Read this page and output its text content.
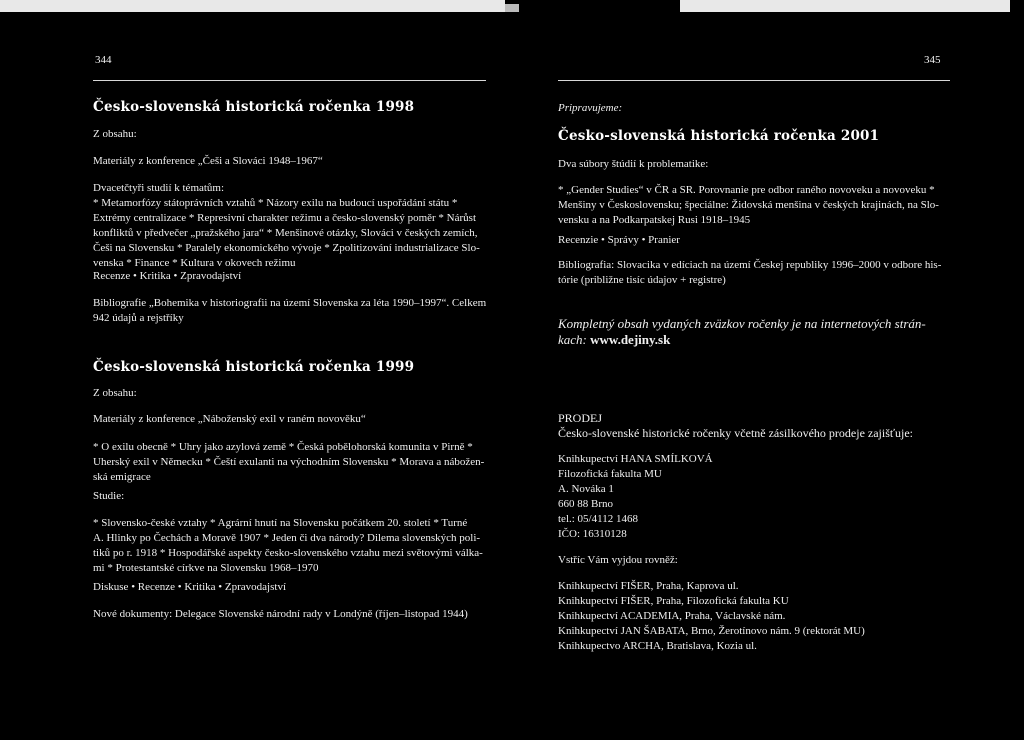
344
Česko-slovenská historická ročenka 1998
Z obsahu:
Materiály z konference „Češi a Slováci 1948–1967“
Dvacetčtyři studií k tématům:
* Metamorfózy státoprávních vztahů * Názory exilu na budoucí uspořádání státu *
Extrémy centralizace * Represivní charakter režimu a česko-slovenský poměr * Nárůst
konfliktů v předvečer „pražského jara“ * Menšinové otázky, Slováci v českých zemích,
Češi na Slovensku * Paralely ekonomického vývoje * Zpolitizování industrializace Slo-
venska * Finance * Kultura v okovech režimu
Recenze • Kritika • Zpravodajství
Bibliografie „Bohemika v historiografii na území Slovenska za léta 1990–1997“. Celkem
942 údajů a rejstříky
Česko-slovenská historická ročenka 1999
Z obsahu:
Materiály z konference „Náboženský exil v raném novověku“
* O exilu obecně * Uhry jako azylová země * Česká pobělohorská komunita v Pirně *
Uherský exil v Německu * Čeští exulanti na východním Slovensku * Morava a nábožen-
ská emigrace
Studie:
* Slovensko-české vztahy * Agrární hnutí na Slovensku počátkem 20. století * Turné
A. Hlinky po Čechách a Moravě 1907 * Jeden či dva národy? Dilema slovenských poli-
tiků po r. 1918 * Hospodářské aspekty česko-slovenského vztahu mezi světovými válka-
mi * Protestantské církve na Slovensku 1968–1970
Diskuse • Recenze • Kritika • Zpravodajství
Nové dokumenty: Delegace Slovenské národní rady v Londýně (říjen–listopad 1944)
345
Pripravujeme:
Česko-slovenská historická ročenka 2001
Dva súbory štúdií k problematike:
* „Gender Studies“ v ČR a SR. Porovnanie pre odbor raného novoveku a novoveku *
Menšiny v Československu; špeciálne: Židovská menšina v českých krajinách, na Slo-
vensku a na Podkarpatskej Rusi 1918–1945
Recenzie • Správy • Pranier
Bibliografia: Slovacika v edíciach na území Českej republiky 1996–2000 v odbore his-
tórie (približne tisíc údajov + registre)
Kompletný obsah vydaných zväzkov ročenky je na internetových strán-
kach: www.dejiny.sk
PRODEJ
Česko-slovenské historické ročenky včetně zásilkového prodeje zajišťuje:
Knihkupectví HANA SMÍLKOVÁ
Filozofická fakulta MU
A. Nováka 1
660 88 Brno
tel.: 05/4112 1468
IČO: 16310128
Vstříc Vám vyjdou rovněž:
Knihkupectví FIŠER, Praha, Kaprova ul.
Knihkupectví FIŠER, Praha, Filozofická fakulta KU
Knihkupectví ACADEMIA, Praha, Václavské nám.
Knihkupectví JAN ŠABATA, Brno, Žerotínovo nám. 9 (rektorát MU)
Knihkupectvo ARCHA, Bratislava, Kozia ul.
